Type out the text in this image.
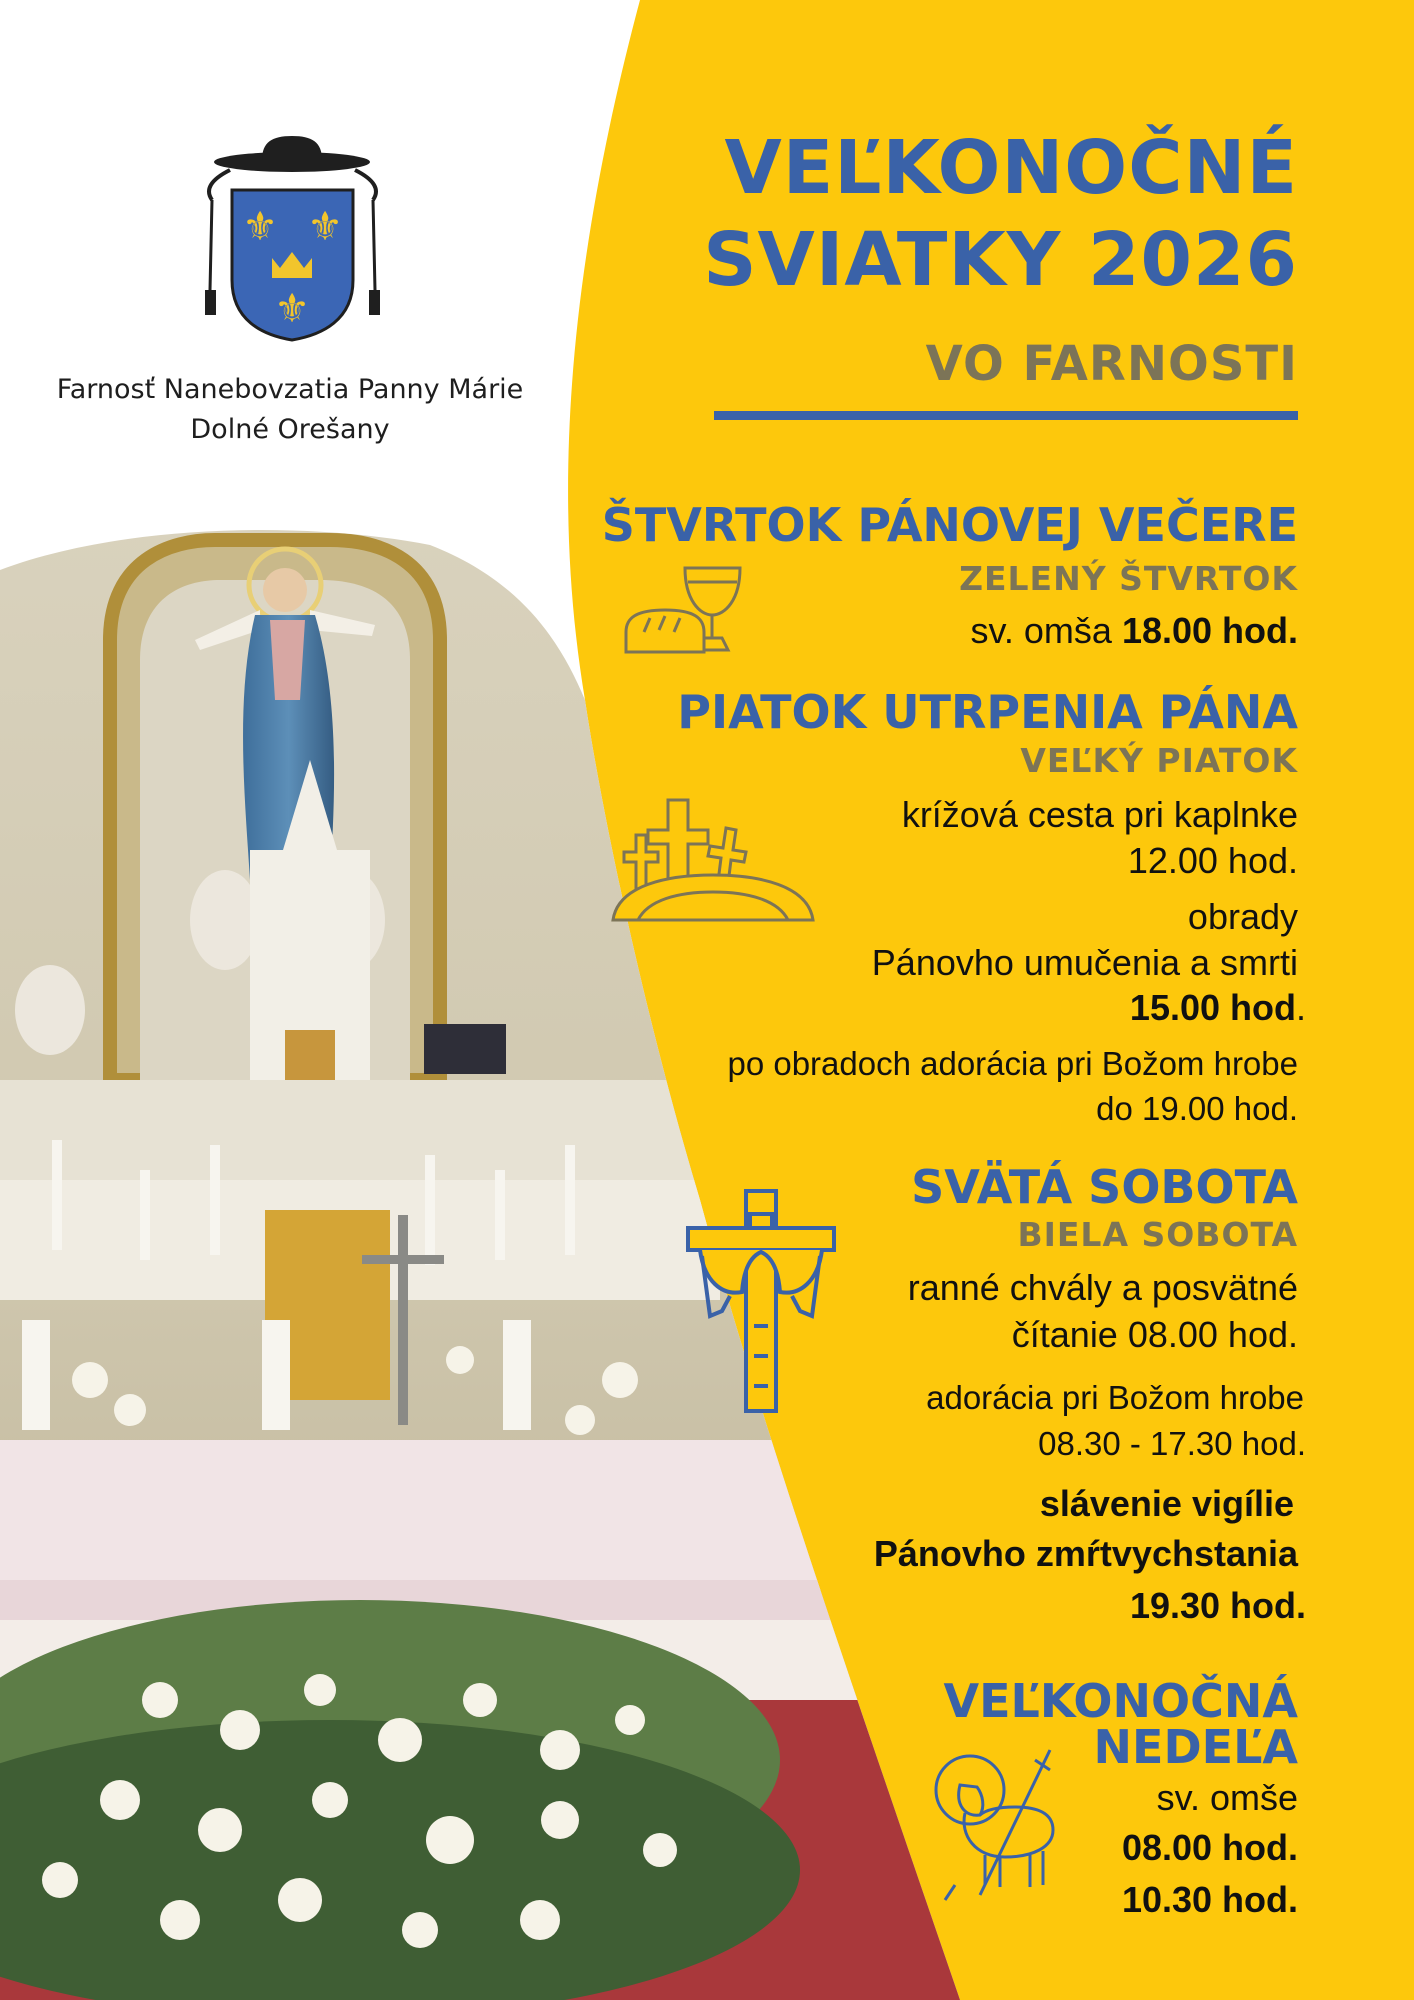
⚜ ⚜
⚜
Farnosť Nanebovzatia Panny Márie
Dolné Orešany
VEĽKONOČNÉ
SVIATKY 2026
VO FARNOSTI
ŠTVRTOK PÁNOVEJ VEČERE
ZELENÝ ŠTVRTOK
sv. omša 18.00 hod.
PIATOK UTRPENIA PÁNA
VEĽKÝ PIATOK
krížová cesta pri kaplnke
12.00 hod.
obrady
Pánovho umučenia a smrti
15.00 hod.
po obradoch adorácia pri Božom hrobe
do 19.00 hod.
SVÄTÁ SOBOTA
BIELA SOBOTA
ranné chvály a posvätné
čítanie 08.00 hod.
adorácia pri Božom hrobe
08.30 - 17.30 hod.
slávenie vigílie
Pánovho zmŕtvychstania
19.30 hod.
VEĽKONOČNÁ
NEDEĽA
sv. omše
08.00 hod.
10.30 hod.
